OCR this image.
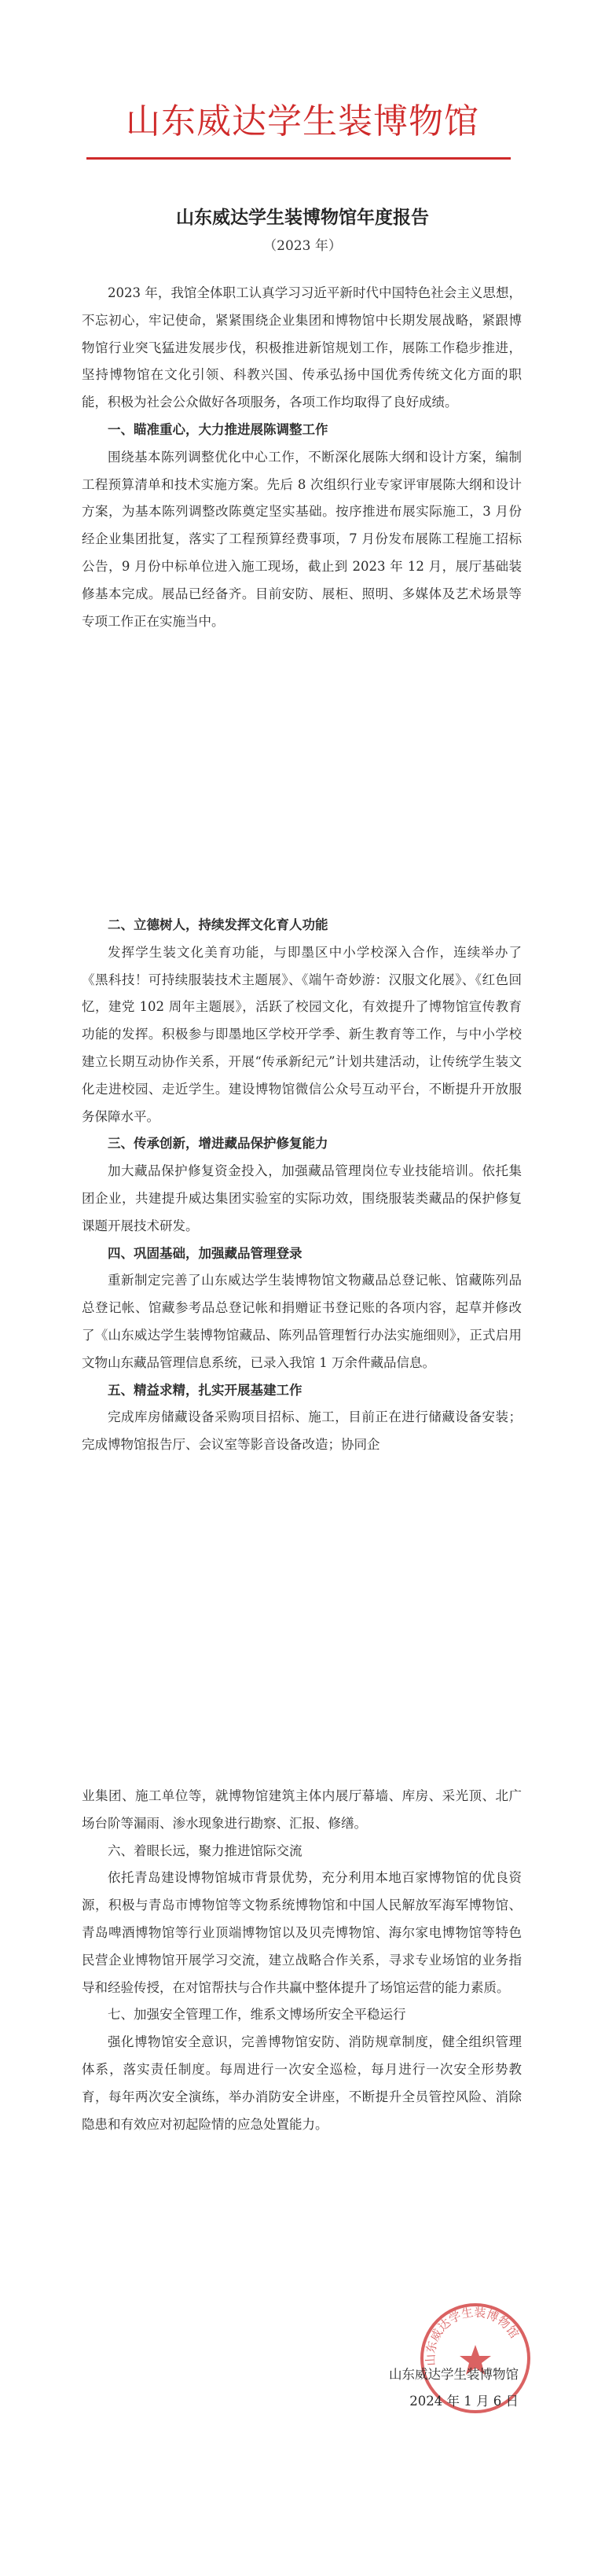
山东威达学生装博物馆
山东威达学生装博物馆年度报告
（2023 年）

2023 年，我馆全体职工认真学习习近平新时代中国特色社会主义思想，不忘初心，牢记使命，紧紧围绕企业集团和博物馆中长期发展战略，紧跟博物馆行业突飞猛进发展步伐，积极推进新馆规划工作，展陈工作稳步推进，坚持博物馆在文化引领、科教兴国、传承弘扬中国优秀传统文化方面的职能，积极为社会公众做好各项服务，各项工作均取得了良好成绩。

一、瞄准重心，大力推进展陈调整工作

围绕基本陈列调整优化中心工作，不断深化展陈大纲和设计方案，编制工程预算清单和技术实施方案。先后 8 次组织行业专家评审展陈大纲和设计方案，为基本陈列调整改陈奠定坚实基础。按序推进布展实际施工，3 月份经企业集团批复，落实了工程预算经费事项，7 月份发布展陈工程施工招标公告，9 月份中标单位进入施工现场，截止到 2023 年 12 月，展厅基础装修基本完成。展品已经备齐。目前安防、展柜、照明、多媒体及艺术场景等专项工作正在实施当中。

二、立德树人，持续发挥文化育人功能

发挥学生装文化美育功能，与即墨区中小学校深入合作，连续举办了《黑科技！可持续服装技术主题展》、《端午奇妙游：汉服文化展》、《红色回忆，建党 102 周年主题展》，活跃了校园文化，有效提升了博物馆宣传教育功能的发挥。积极参与即墨地区学校开学季、新生教育等工作，与中小学校建立长期互动协作关系，开展“传承新纪元”计划共建活动，让传统学生装文化走进校园、走近学生。建设博物馆微信公众号互动平台，不断提升开放服务保障水平。

三、传承创新，增进藏品保护修复能力

加大藏品保护修复资金投入，加强藏品管理岗位专业技能培训。依托集团企业，共建提升威达集团实验室的实际功效，围绕服装类藏品的保护修复课题开展技术研发。

四、巩固基础，加强藏品管理登录

重新制定完善了山东威达学生装博物馆文物藏品总登记帐、馆藏陈列品总登记帐、馆藏参考品总登记帐和捐赠证书登记账的各项内容，起草并修改了《山东威达学生装博物馆藏品、陈列品管理暂行办法实施细则》，正式启用文物山东藏品管理信息系统，已录入我馆 1 万余件藏品信息。

五、精益求精，扎实开展基建工作

完成库房储藏设备采购项目招标、施工，目前正在进行储藏设备安装；完成博物馆报告厅、会议室等影音设备改造；协同企

业集团、施工单位等，就博物馆建筑主体内展厅幕墙、库房、采光顶、北广场台阶等漏雨、渗水现象进行勘察、汇报、修缮。

六、着眼长远，聚力推进馆际交流

依托青岛建设博物馆城市背景优势，充分利用本地百家博物馆的优良资源，积极与青岛市博物馆等文物系统博物馆和中国人民解放军海军博物馆、青岛啤酒博物馆等行业顶端博物馆以及贝壳博物馆、海尔家电博物馆等特色民营企业博物馆开展学习交流，建立战略合作关系，寻求专业场馆的业务指导和经验传授，在对馆帮扶与合作共赢中整体提升了场馆运营的能力素质。

七、加强安全管理工作，维系文博场所安全平稳运行

强化博物馆安全意识，完善博物馆安防、消防规章制度，健全组织管理体系，落实责任制度。每周进行一次安全巡检，每月进行一次安全形势教育，每年两次安全演练，举办消防安全讲座，不断提升全员管控风险、消除隐患和有效应对初起险情的应急处置能力。

山东威达学生装博物馆
山东威达学生装博物馆
2024 年 1 月 6 日
